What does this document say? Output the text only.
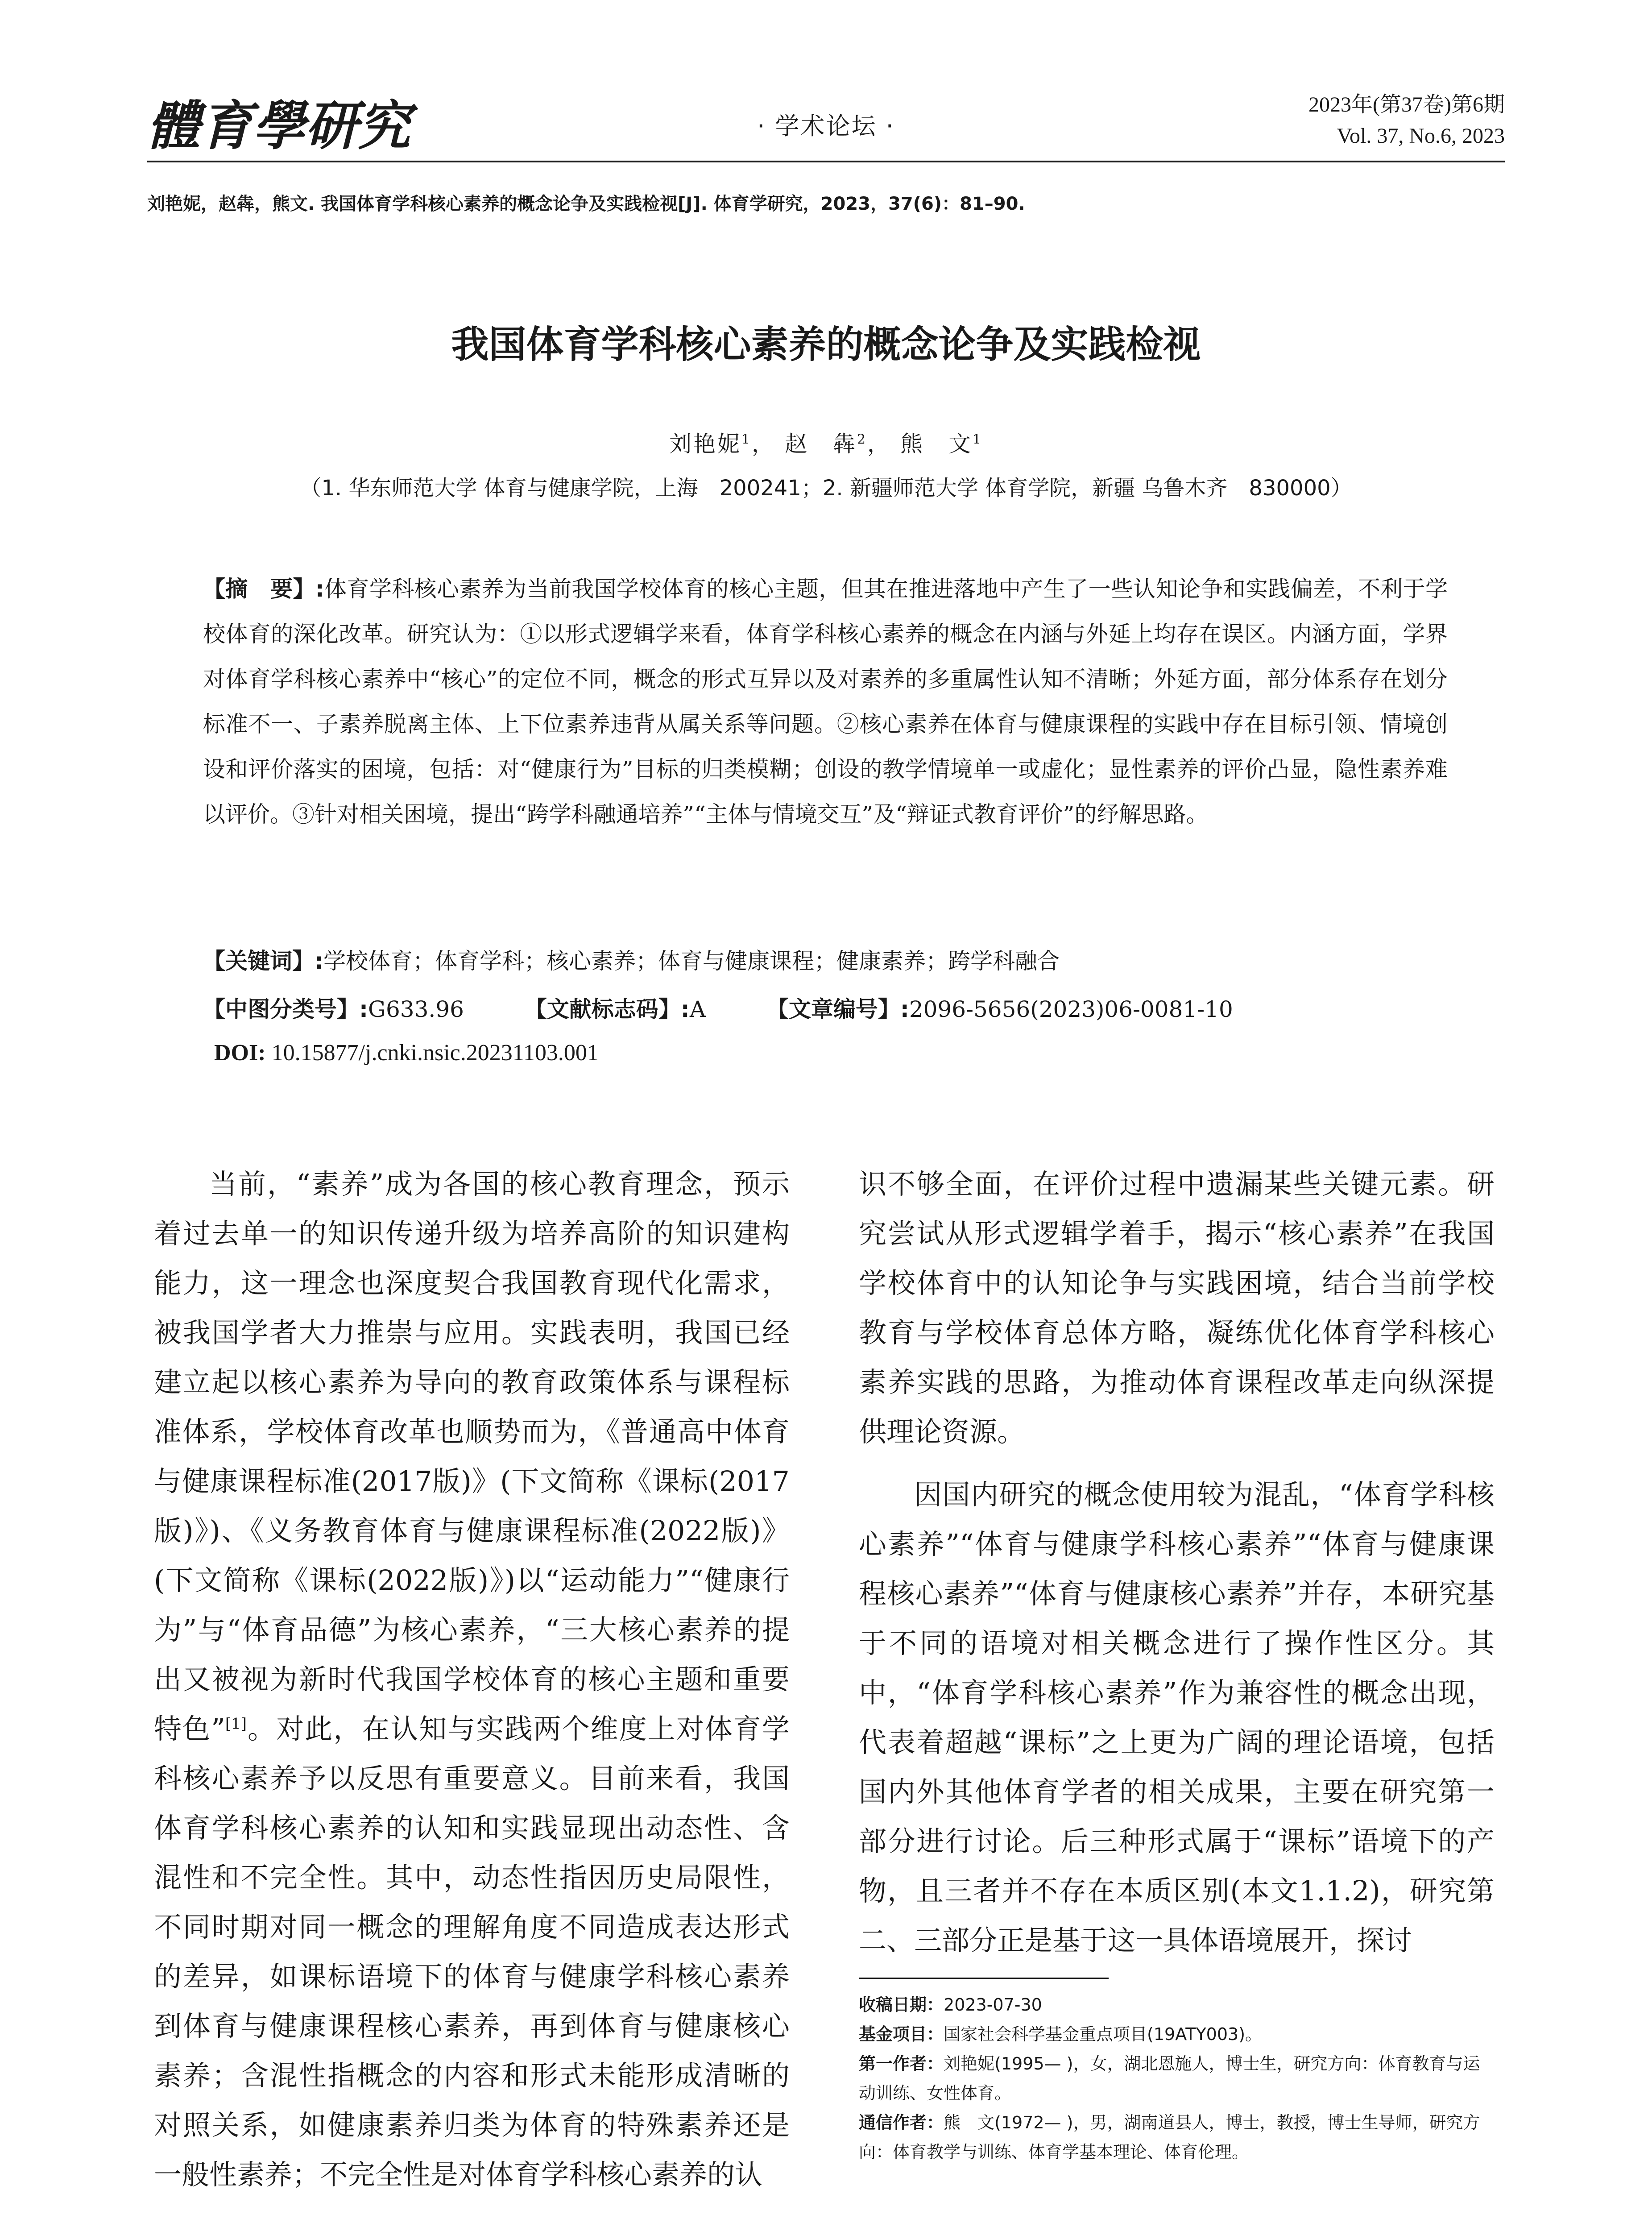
體育學研究	· 学术论坛 ·
2023年(第37卷)第6期
Vol. 37, No.6, 2023
刘艳妮，赵犇，熊文. 我国体育学科核心素养的概念论争及实践检视[J]. 体育学研究，2023，37(6)：81–90.
我国体育学科核心素养的概念论争及实践检视
刘艳妮$^1$， 赵　犇$^2$， 熊　文$^1$
（1. 华东师范大学 体育与健康学院，上海　200241；2. 新疆师范大学 体育学院，新疆 乌鲁木齐　830000）
【摘　要】:体育学科核心素养为当前我国学校体育的核心主题，但其在推进落地中产生了一些认知论争和实践偏差，不利于学校体育的深化改革。研究认为：①以形式逻辑学来看，体育学科核心素养的概念在内涵与外延上均存在误区。内涵方面，学界对体育学科核心素养中“核心”的定位不同，概念的形式互异以及对素养的多重属性认知不清晰；外延方面，部分体系存在划分标准不一、子素养脱离主体、上下位素养违背从属关系等问题。②核心素养在体育与健康课程的实践中存在目标引领、情境创设和评价落实的困境，包括：对“健康行为”目标的归类模糊；创设的教学情境单一或虚化；显性素养的评价凸显，隐性素养难以评价。③针对相关困境，提出“跨学科融通培养”“主体与情境交互”及“辩证式教育评价”的纾解思路。
【关键词】:学校体育；体育学科；核心素养；体育与健康课程；健康素养；跨学科融合
【中图分类号】:G633.96	【文献标志码】:A	【文章编号】:2096-5656(2023)06-0081-10
DOI: 10.15877/j.cnki.nsic.20231103.001

当前，“素养”成为各国的核心教育理念，预示着过去单一的知识传递升级为培养高阶的知识建构能力，这一理念也深度契合我国教育现代化需求，被我国学者大力推崇与应用。实践表明，我国已经建立起以核心素养为导向的教育政策体系与课程标准体系，学校体育改革也顺势而为，《普通高中体育与健康课程标准(2017版)》(下文简称《课标(2017版)》)、《义务教育体育与健康课程标准(2022版)》(下文简称《课标(2022版)》)以“运动能力”“健康行为”与“体育品德”为核心素养，“三大核心素养的提出又被视为新时代我国学校体育的核心主题和重要特色”[1]。对此，在认知与实践两个维度上对体育学科核心素养予以反思有重要意义。目前来看，我国体育学科核心素养的认知和实践显现出动态性、含混性和不完全性。其中，动态性指因历史局限性，不同时期对同一概念的理解角度不同造成表达形式的差异，如课标语境下的体育与健康学科核心素养到体育与健康课程核心素养，再到体育与健康核心素养；含混性指概念的内容和形式未能形成清晰的对照关系，如健康素养归类为体育的特殊素养还是一般性素养；不完全性是对体育学科核心素养的认

识不够全面，在评价过程中遗漏某些关键元素。研究尝试从形式逻辑学着手，揭示“核心素养”在我国学校体育中的认知论争与实践困境，结合当前学校教育与学校体育总体方略，凝练优化体育学科核心素养实践的思路，为推动体育课程改革走向纵深提供理论资源。

因国内研究的概念使用较为混乱，“体育学科核心素养”“体育与健康学科核心素养”“体育与健康课程核心素养”“体育与健康核心素养”并存，本研究基于不同的语境对相关概念进行了操作性区分。其中，“体育学科核心素养”作为兼容性的概念出现，代表着超越“课标”之上更为广阔的理论语境，包括国内外其他体育学者的相关成果，主要在研究第一部分进行讨论。后三种形式属于“课标”语境下的产物，且三者并不存在本质区别(本文1.1.2)，研究第二、三部分正是基于这一具体语境展开，探讨

收稿日期：2023-07-30
基金项目：国家社会科学基金重点项目(19ATY003)。
第一作者：刘艳妮(1995— )，女，湖北恩施人，博士生，研究方向：体育教育与运动训练、女性体育。
通信作者：熊　文(1972— )，男，湖南道县人，博士，教授，博士生导师，研究方向：体育教学与训练、体育学基本理论、体育伦理。
